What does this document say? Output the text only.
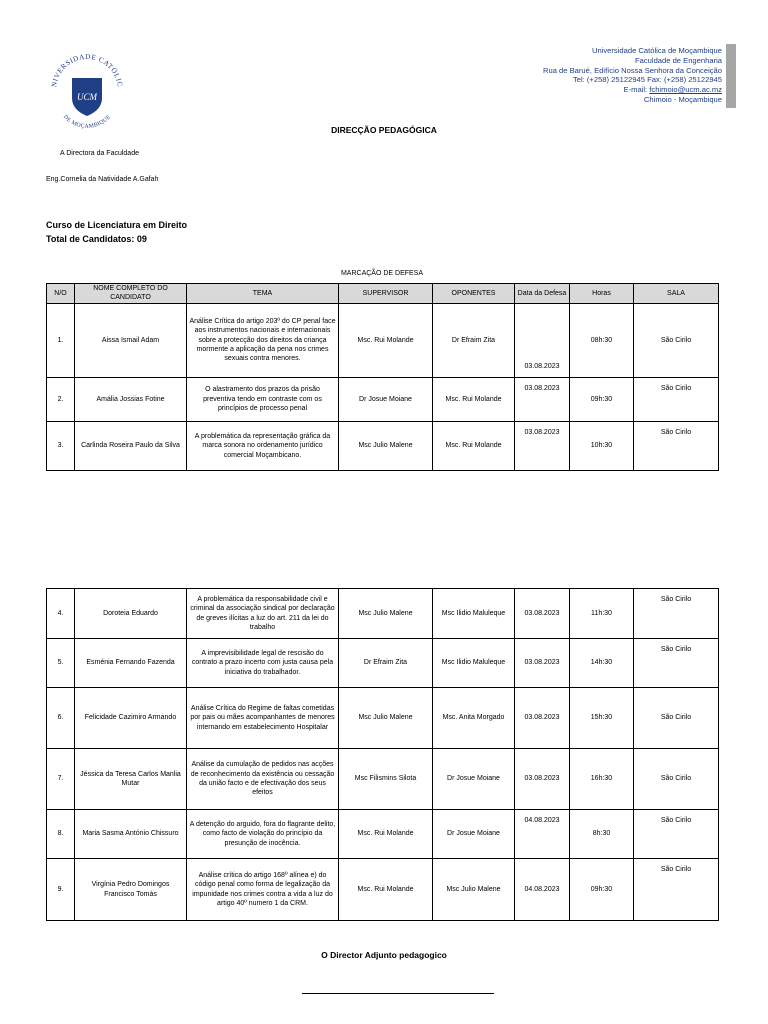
NIVERSIDADE CATÓLIC
DE MOÇAMBIQUE
UCM
Universidade Católica de Moçambique
Faculdade de Engenharia
Rua de Barué, Edifício Nossa Senhora da Conceição
Tel: (+258) 25122945 Fax: (+258) 25122945
E-mail: fchimoio@ucm.ac.mz
Chimoio - Moçambique
DIRECÇÃO PEDAGÓGICA
A Directora da Faculdade
Eng.Cornelia da Natividade A.Gafah
Curso de Licenciatura em Direito
Total de Candidatos: 09
MARCAÇÃO DE DEFESA
N/O	NOME COMPLETO DO CANDIDATO	TEMA	SUPERVISOR	OPONENTES	Data da Defesa	Horas	SALA
1.	Aissa Ismail Adam	Análise Crítica do artigo 203º do CP penal face aos instrumentos nacionais e internacionais sobre a protecção dos direitos da criança mormente a aplicação da pena nos crimes sexuais contra menores.	Msc. Rui Molande	Dr Efraim Zita	03.08.2023	08h:30	São Cirilo
2.	Amália Jossias Fotine	O alastramento dos prazos da prisão preventiva tendo em contraste com os princípios de processo penal	Dr Josue Moiane	Msc. Rui Molande	03.08.2023	09h:30	São Cirilo
3.	Carlinda Roseira Paulo da Silva	A problemática da representação gráfica da marca sonora no ordenamento jurídico comercial Moçambicano.	Msc Julio Malene	Msc. Rui Molande	03.08.2023	10h:30	São Cirilo
4.	Doroteia Eduardo	A problemática da responsabilidade civil e criminal da associação sindical por declaração de greves ilícitas a luz do art. 211 da lei do trabalho	Msc Julio Malene	Msc Ilidio Maluleque	03.08.2023	11h:30	São Cirilo
5.	Esménia Fernando Fazenda	A imprevisibilidade legal de rescisão do contrato a prazo incerto com justa causa pela iniciativa do trabalhador.	Dr Efraim Zita	Msc Ilidio Maluleque	03.08.2023	14h:30	São Cirilo
6.	Felicidade Cazimiro Armando	Análise Crítica do Regime de faltas cometidas por pais ou mães acompanhantes de menores internando em estabelecimento Hospitalar	Msc Julio Malene	Msc. Anita Morgado	03.08.2023	15h:30	São Cirilo
7.	Jéssica da Teresa Carlos Manlia Mutar	Análise da cumulação de pedidos nas acções de reconhecimento da existência ou cessação da união facto e de efectivação dos seus efeitos	Msc Filismins Silota	Dr Josue Moiane	03.08.2023	16h:30	São Cirilo
8.	Maria Sasma António Chissuro	A detenção do arguido, fora do flagrante delito, como facto de violação do princípio da presunção de inocência.	Msc. Rui Molande	Dr Josue Moiane	04.08.2023	8h:30	São Cirilo
9.	Virgínia Pedro Domingos Francisco Tomás	Análise crítica do artigo 168º alínea e) do código penal como forma de legalização da impunidade nos crimes contra a vida a luz do artigo 40º numero 1 da CRM.	Msc. Rui Molande	Msc Julio Malene	04.08.2023	09h:30	São Cirilo
O Director Adjunto pedagogico
